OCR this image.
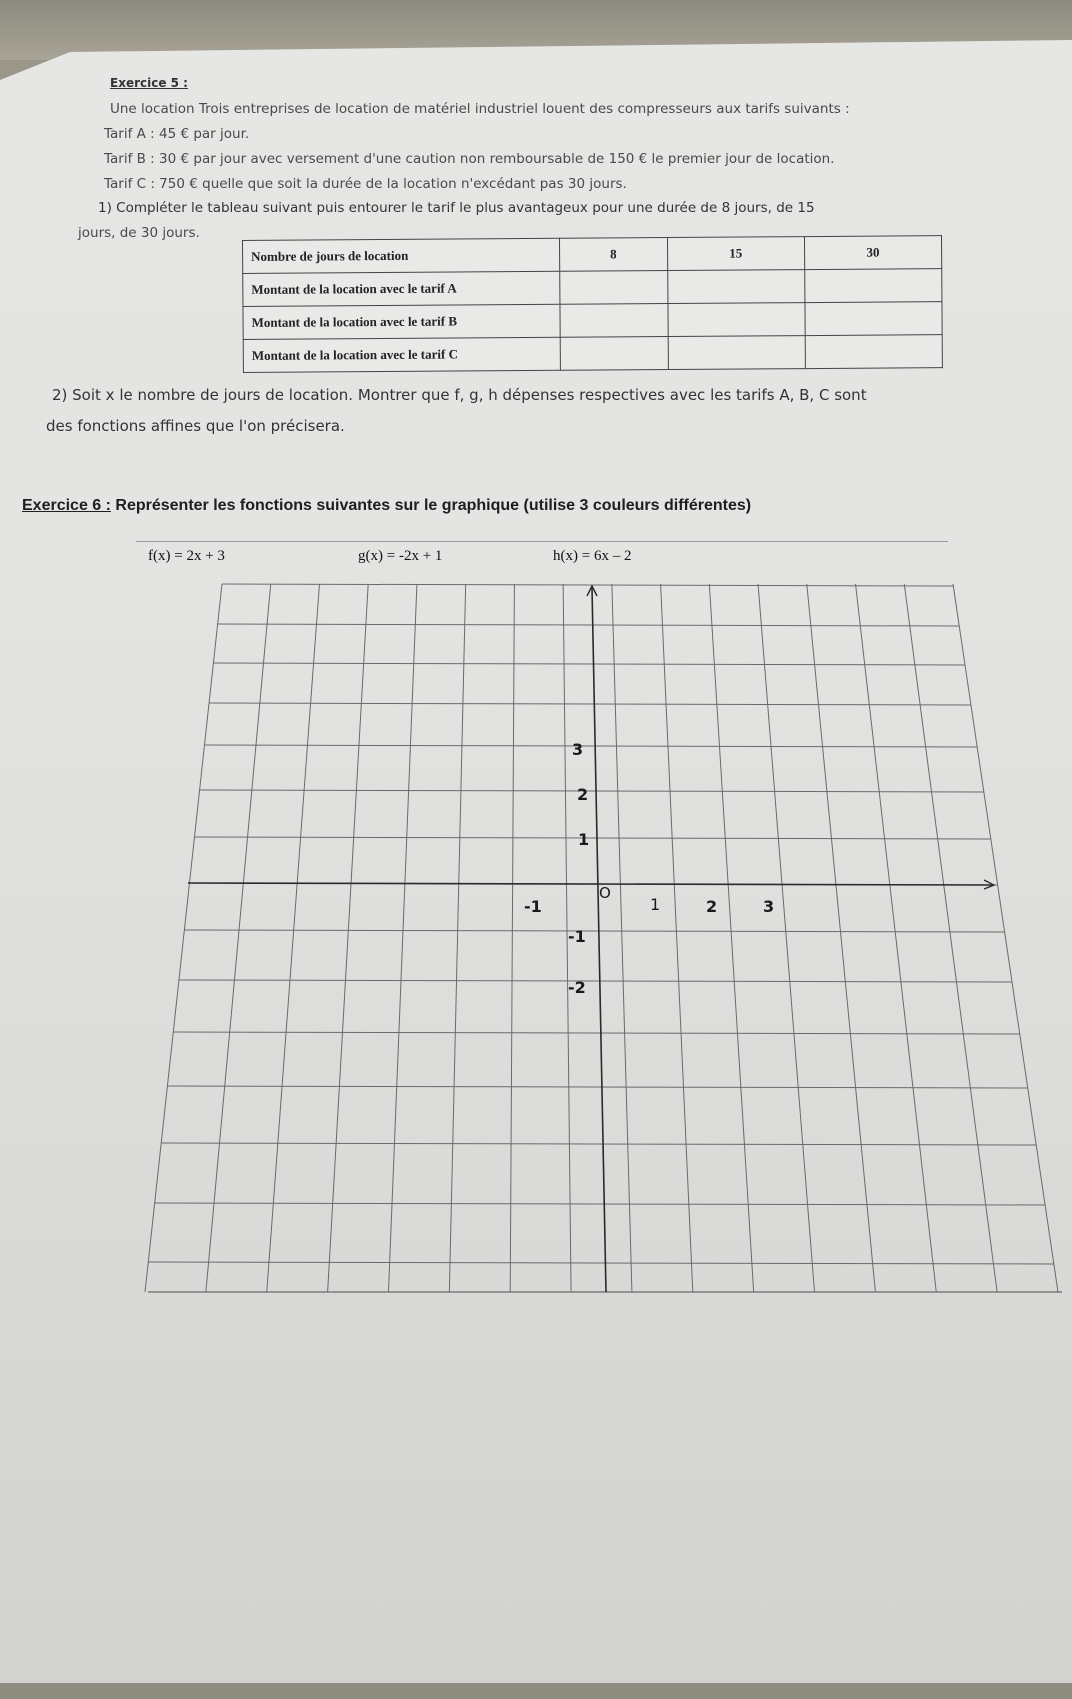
Exercice 5 :
Une location Trois entreprises de location de matériel industriel louent des compresseurs aux tarifs suivants :
Tarif A : 45 € par jour.
Tarif B : 30 € par jour avec versement d'une caution non remboursable de 150 € le premier jour de location.
Tarif C : 750 € quelle que soit la durée de la location n'excédant pas 30 jours.
1) Compléter le tableau suivant puis entourer le tarif le plus avantageux pour une durée de 8 jours, de 15
jours, de 30 jours.
Nombre de jours de location	8	15	30
Montant de la location avec le tarif A			
Montant de la location avec le tarif B			
Montant de la location avec le tarif C			
2) Soit x le nombre de jours de location. Montrer que f, g, h dépenses respectives avec les tarifs A, B, C sont
des fonctions affines que l'on précisera.
Exercice 6 : Représenter les fonctions suivantes sur le graphique (utilise 3 couleurs différentes)
f(x) = 2x + 3	g(x) = -2x + 1	h(x) = 6x – 2
3
2
1
-1
O
1	2	3
-1
-2
